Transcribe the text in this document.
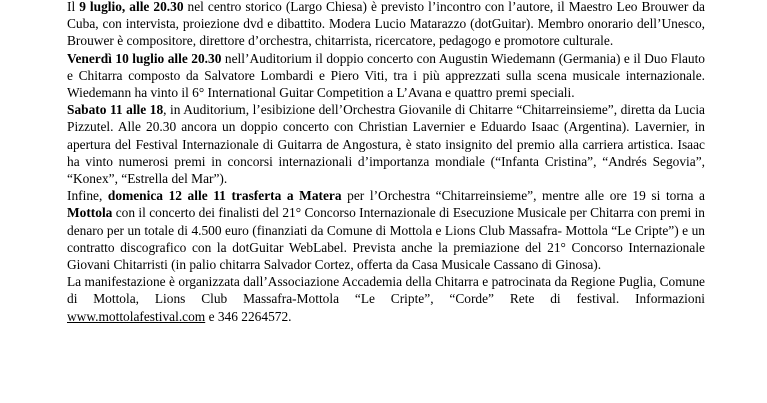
Il 9 luglio, alle 20.30 nel centro storico (Largo Chiesa) è previsto l’incontro con l’autore, il Maestro Leo Brouwer da Cuba, con intervista, proiezione dvd e dibattito. Modera Lucio Matarazzo (dotGuitar). Membro onorario dell’Unesco, Brouwer è compositore, direttore d’orchestra, chitarrista, ricercatore, pedagogo e promotore culturale.

Venerdì 10 luglio alle 20.30 nell’Auditorium il doppio concerto con Augustin Wiedemann (Germania) e il Duo Flauto e Chitarra composto da Salvatore Lombardi e Piero Viti, tra i più apprezzati sulla scena musicale internazionale. Wiedemann ha vinto il 6° International Guitar Competition a L’Avana e quattro premi speciali.

Sabato 11 alle 18, in Auditorium, l’esibizione dell’Orchestra Giovanile di Chitarre “Chitarreinsieme”, diretta da Lucia Pizzutel. Alle 20.30 ancora un doppio concerto con Christian Lavernier e Eduardo Isaac (Argentina). Lavernier, in apertura del Festival Internazionale di Guitarra de Angostura, è stato insignito del premio alla carriera artistica. Isaac ha vinto numerosi premi in concorsi internazionali d’importanza mondiale (“Infanta Cristina”, “Andrés Segovia”, “Konex”, “Estrella del Mar”).

Infine, domenica 12 alle 11 trasferta a Matera per l’Orchestra “Chitarreinsieme”, mentre alle ore 19 si torna a Mottola con il concerto dei finalisti del 21° Concorso Internazionale di Esecuzione Musicale per Chitarra con premi in denaro per un totale di 4.500 euro (finanziati da Comune di Mottola e Lions Club Massafra- Mottola “Le Cripte”) e un contratto discografico con la dotGuitar WebLabel. Prevista anche la premiazione del 21° Concorso Internazionale Giovani Chitarristi (in palio chitarra Salvador Cortez, offerta da Casa Musicale Cassano di Ginosa).

La manifestazione è organizzata dall’Associazione Accademia della Chitarra e patrocinata da Regione Puglia, Comune di Mottola, Lions Club Massafra-Mottola “Le Cripte”, “Corde” Rete di festival. Informazioni www.mottolafestival.com e 346 2264572.
